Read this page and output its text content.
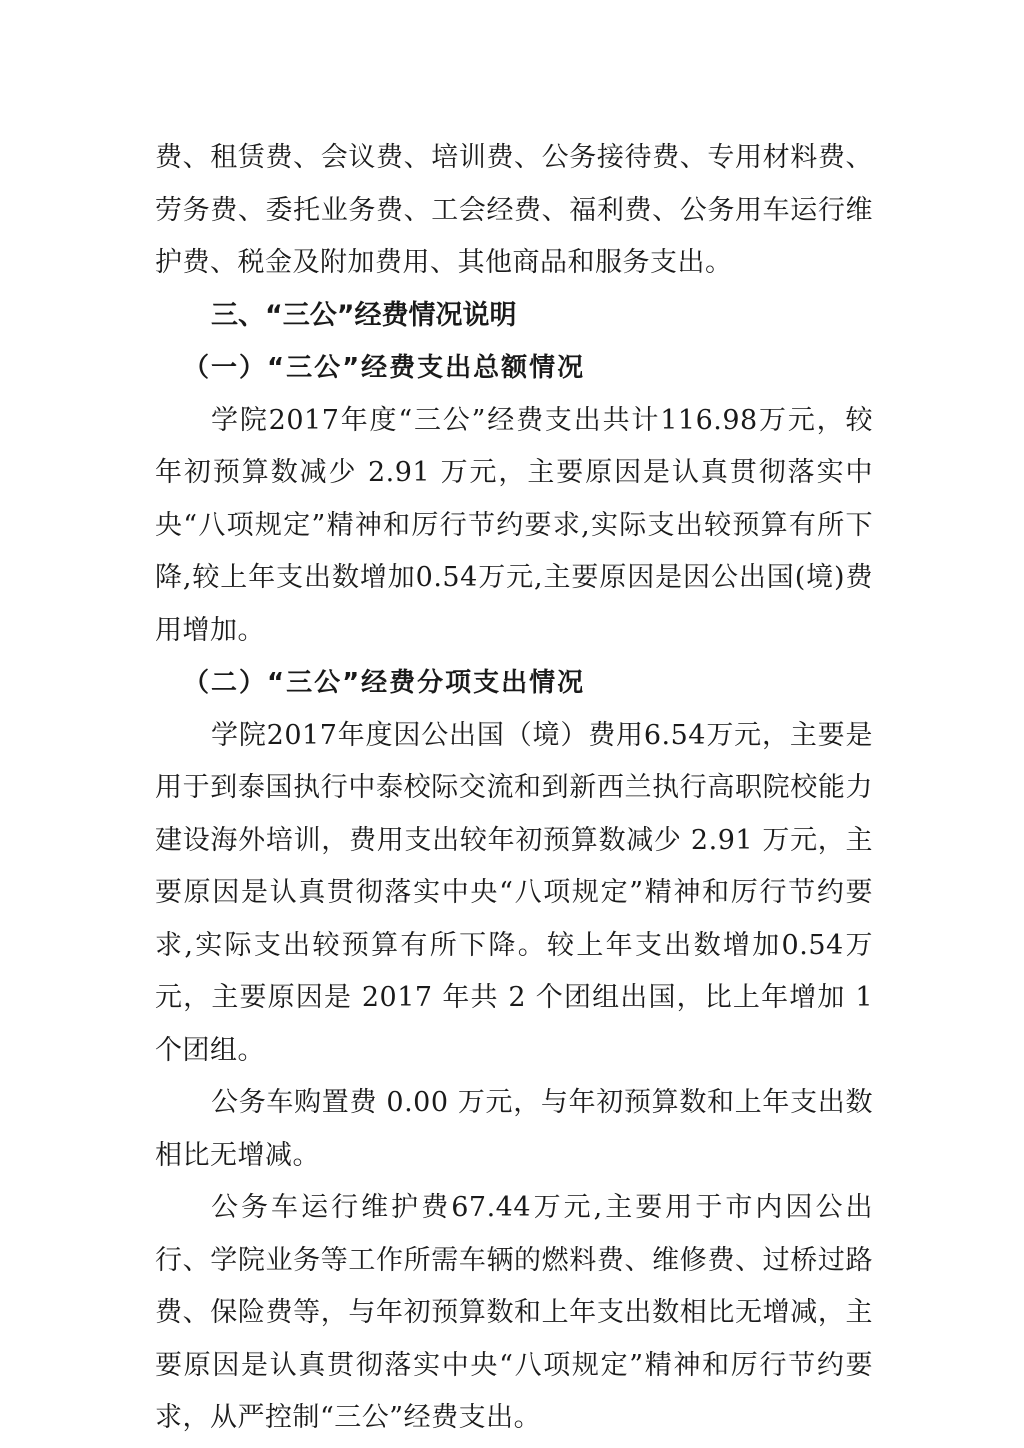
费、租赁费、会议费、培训费、公务接待费、专用材料费、劳务费、委托业务费、工会经费、福利费、公务用车运行维护费、税金及附加费用、其他商品和服务支出。

三、“三公”经费情况说明

（一）“三公”经费支出总额情况

学院2017年度“三公”经费支出共计116.98万元，较年初预算数减少 2.91 万元，主要原因是认真贯彻落实中央“八项规定”精神和厉行节约要求,实际支出较预算有所下降,较上年支出数增加0.54万元,主要原因是因公出国(境)费用增加。

（二）“三公”经费分项支出情况

学院2017年度因公出国（境）费用6.54万元，主要是用于到泰国执行中泰校际交流和到新西兰执行高职院校能力建设海外培训，费用支出较年初预算数减少 2.91 万元，主要原因是认真贯彻落实中央“八项规定”精神和厉行节约要求,实际支出较预算有所下降。较上年支出数增加0.54万元，主要原因是 2017 年共 2 个团组出国，比上年增加 1 个团组。

公务车购置费 0.00 万元，与年初预算数和上年支出数相比无增减。

公务车运行维护费67.44万元,主要用于市内因公出行、学院业务等工作所需车辆的燃料费、维修费、过桥过路费、保险费等，与年初预算数和上年支出数相比无增减，主要原因是认真贯彻落实中央“八项规定”精神和厉行节约要求，从严控制“三公”经费支出。
